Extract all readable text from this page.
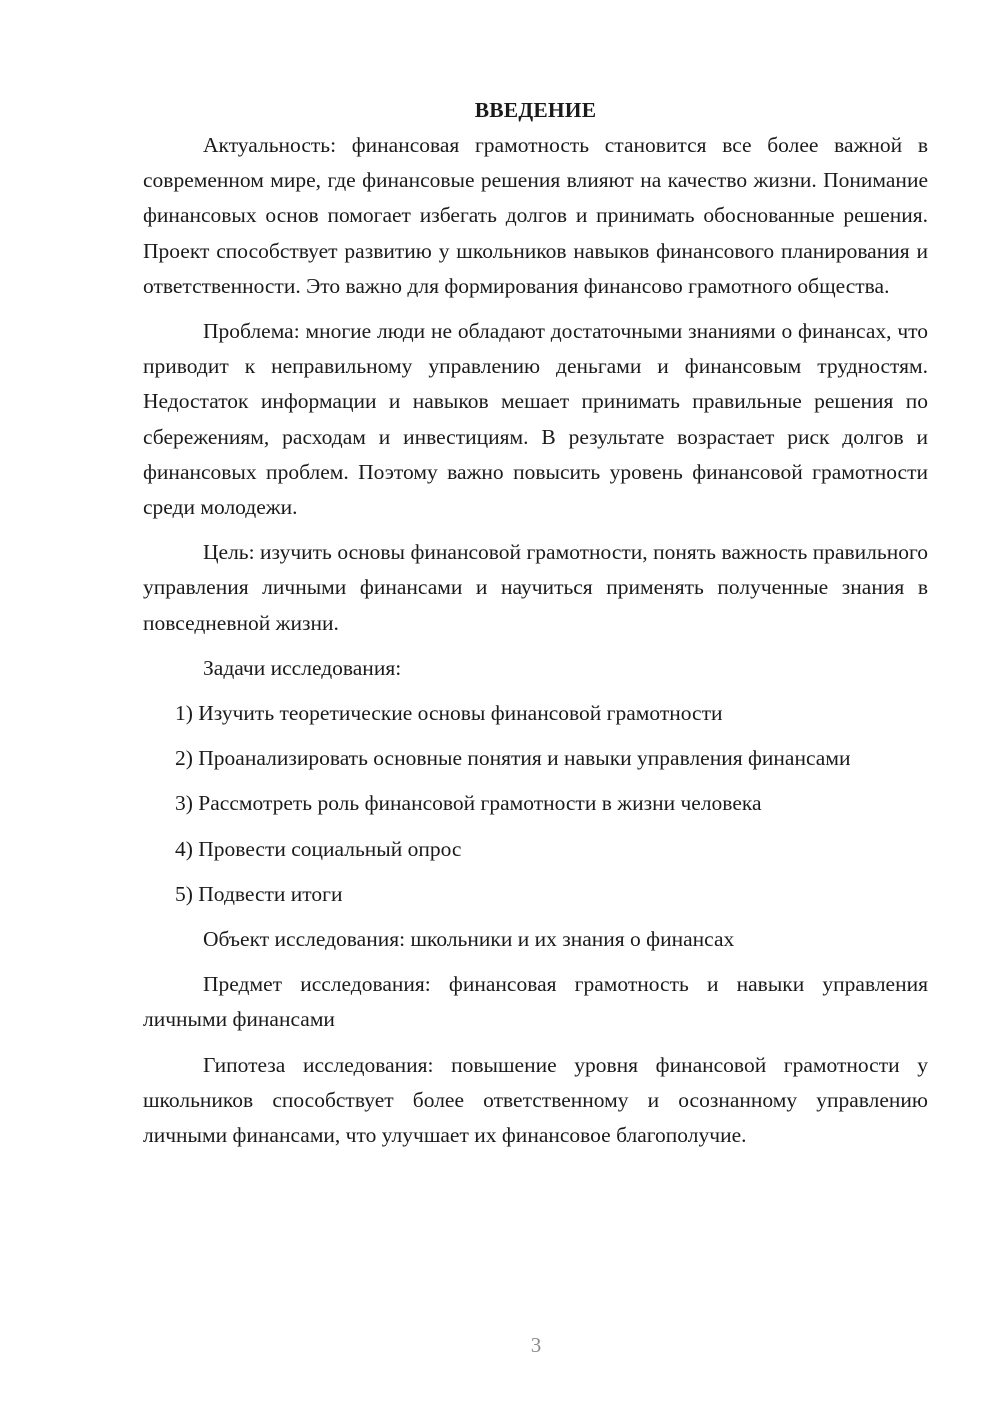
ВВЕДЕНИЕ

Актуальность: финансовая грамотность становится все более важной в современном мире, где финансовые решения влияют на качество жизни. Понимание финансовых основ помогает избегать долгов и принимать обоснованные решения. Проект способствует развитию у школьников навыков финансового планирования и ответственности. Это важно для формирования финансово грамотного общества.

Проблема: многие люди не обладают достаточными знаниями о финансах, что приводит к неправильному управлению деньгами и финансовым трудностям. Недостаток информации и навыков мешает принимать правильные решения по сбережениям, расходам и инвестициям. В результате возрастает риск долгов и финансовых проблем. Поэтому важно повысить уровень финансовой грамотности среди молодежи.

Цель: изучить основы финансовой грамотности, понять важность правильного управления личными финансами и научиться применять полученные знания в повседневной жизни.

Задачи исследования:

1) Изучить теоретические основы финансовой грамотности

2) Проанализировать основные понятия и навыки управления финансами

3) Рассмотреть роль финансовой грамотности в жизни человека

4) Провести социальный опрос

5) Подвести итоги

Объект исследования: школьники и их знания о финансах

Предмет исследования: финансовая грамотность и навыки управления личными финансами

Гипотеза исследования: повышение уровня финансовой грамотности у школьников способствует более ответственному и осознанному управлению личными финансами, что улучшает их финансовое благополучие.

3
